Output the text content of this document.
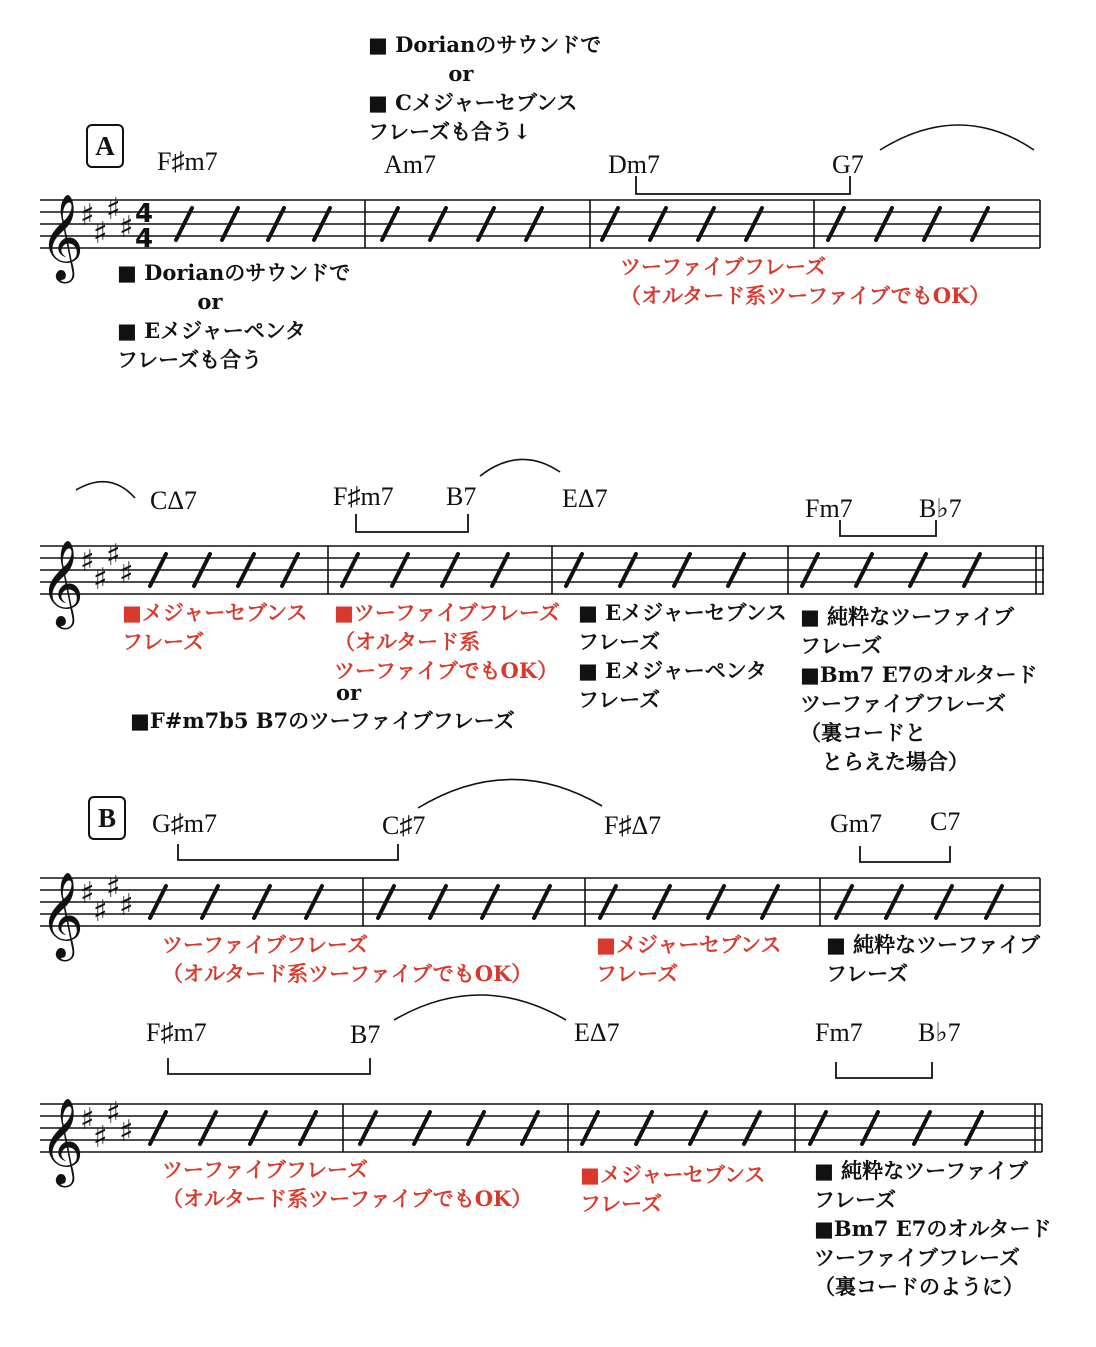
A
■ Dorianのサウンドで
or
■ Cメジャーセブンス
フレーズも合う↓
F♯m7	Am7	Dm7	G7
𝄞
♯
♯
♯
♯ 4
4
■ Dorianのサウンドで
or
■ Eメジャーペンタ
フレーズも合う
ツーファイブフレーズ
（オルタード系ツーファイブでもOK）
CΔ7	F♯m7 B7	EΔ7	Fm7	B♭7
𝄞
♯
♯
♯
♯
■メジャーセブンス
フレーズ
■ツーファイブフレーズ
（オルタード系
ツーファイブでもOK）
or
■F#m7b5 B7のツーファイブフレーズ
■ Eメジャーセブンス
フレーズ
■ Eメジャーペンタ
フレーズ
■ 純粋なツーファイブ
フレーズ
■Bm7 E7のオルタード
ツーファイブフレーズ
（裏コードと
とらえた場合）
B G♯m7	C♯7	F♯Δ7	Gm7 C7
𝄞
♯
♯
♯
♯
ツーファイブフレーズ
（オルタード系ツーファイブでもOK）
■メジャーセブンス
フレーズ
■ 純粋なツーファイブ
フレーズ
F♯m7	B7	EΔ7	Fm7 B♭7
𝄞
♯
♯
♯
♯
ツーファイブフレーズ
（オルタード系ツーファイブでもOK）
■メジャーセブンス
フレーズ
■ 純粋なツーファイブ
フレーズ
■Bm7 E7のオルタード
ツーファイブフレーズ
（裏コードのように）
